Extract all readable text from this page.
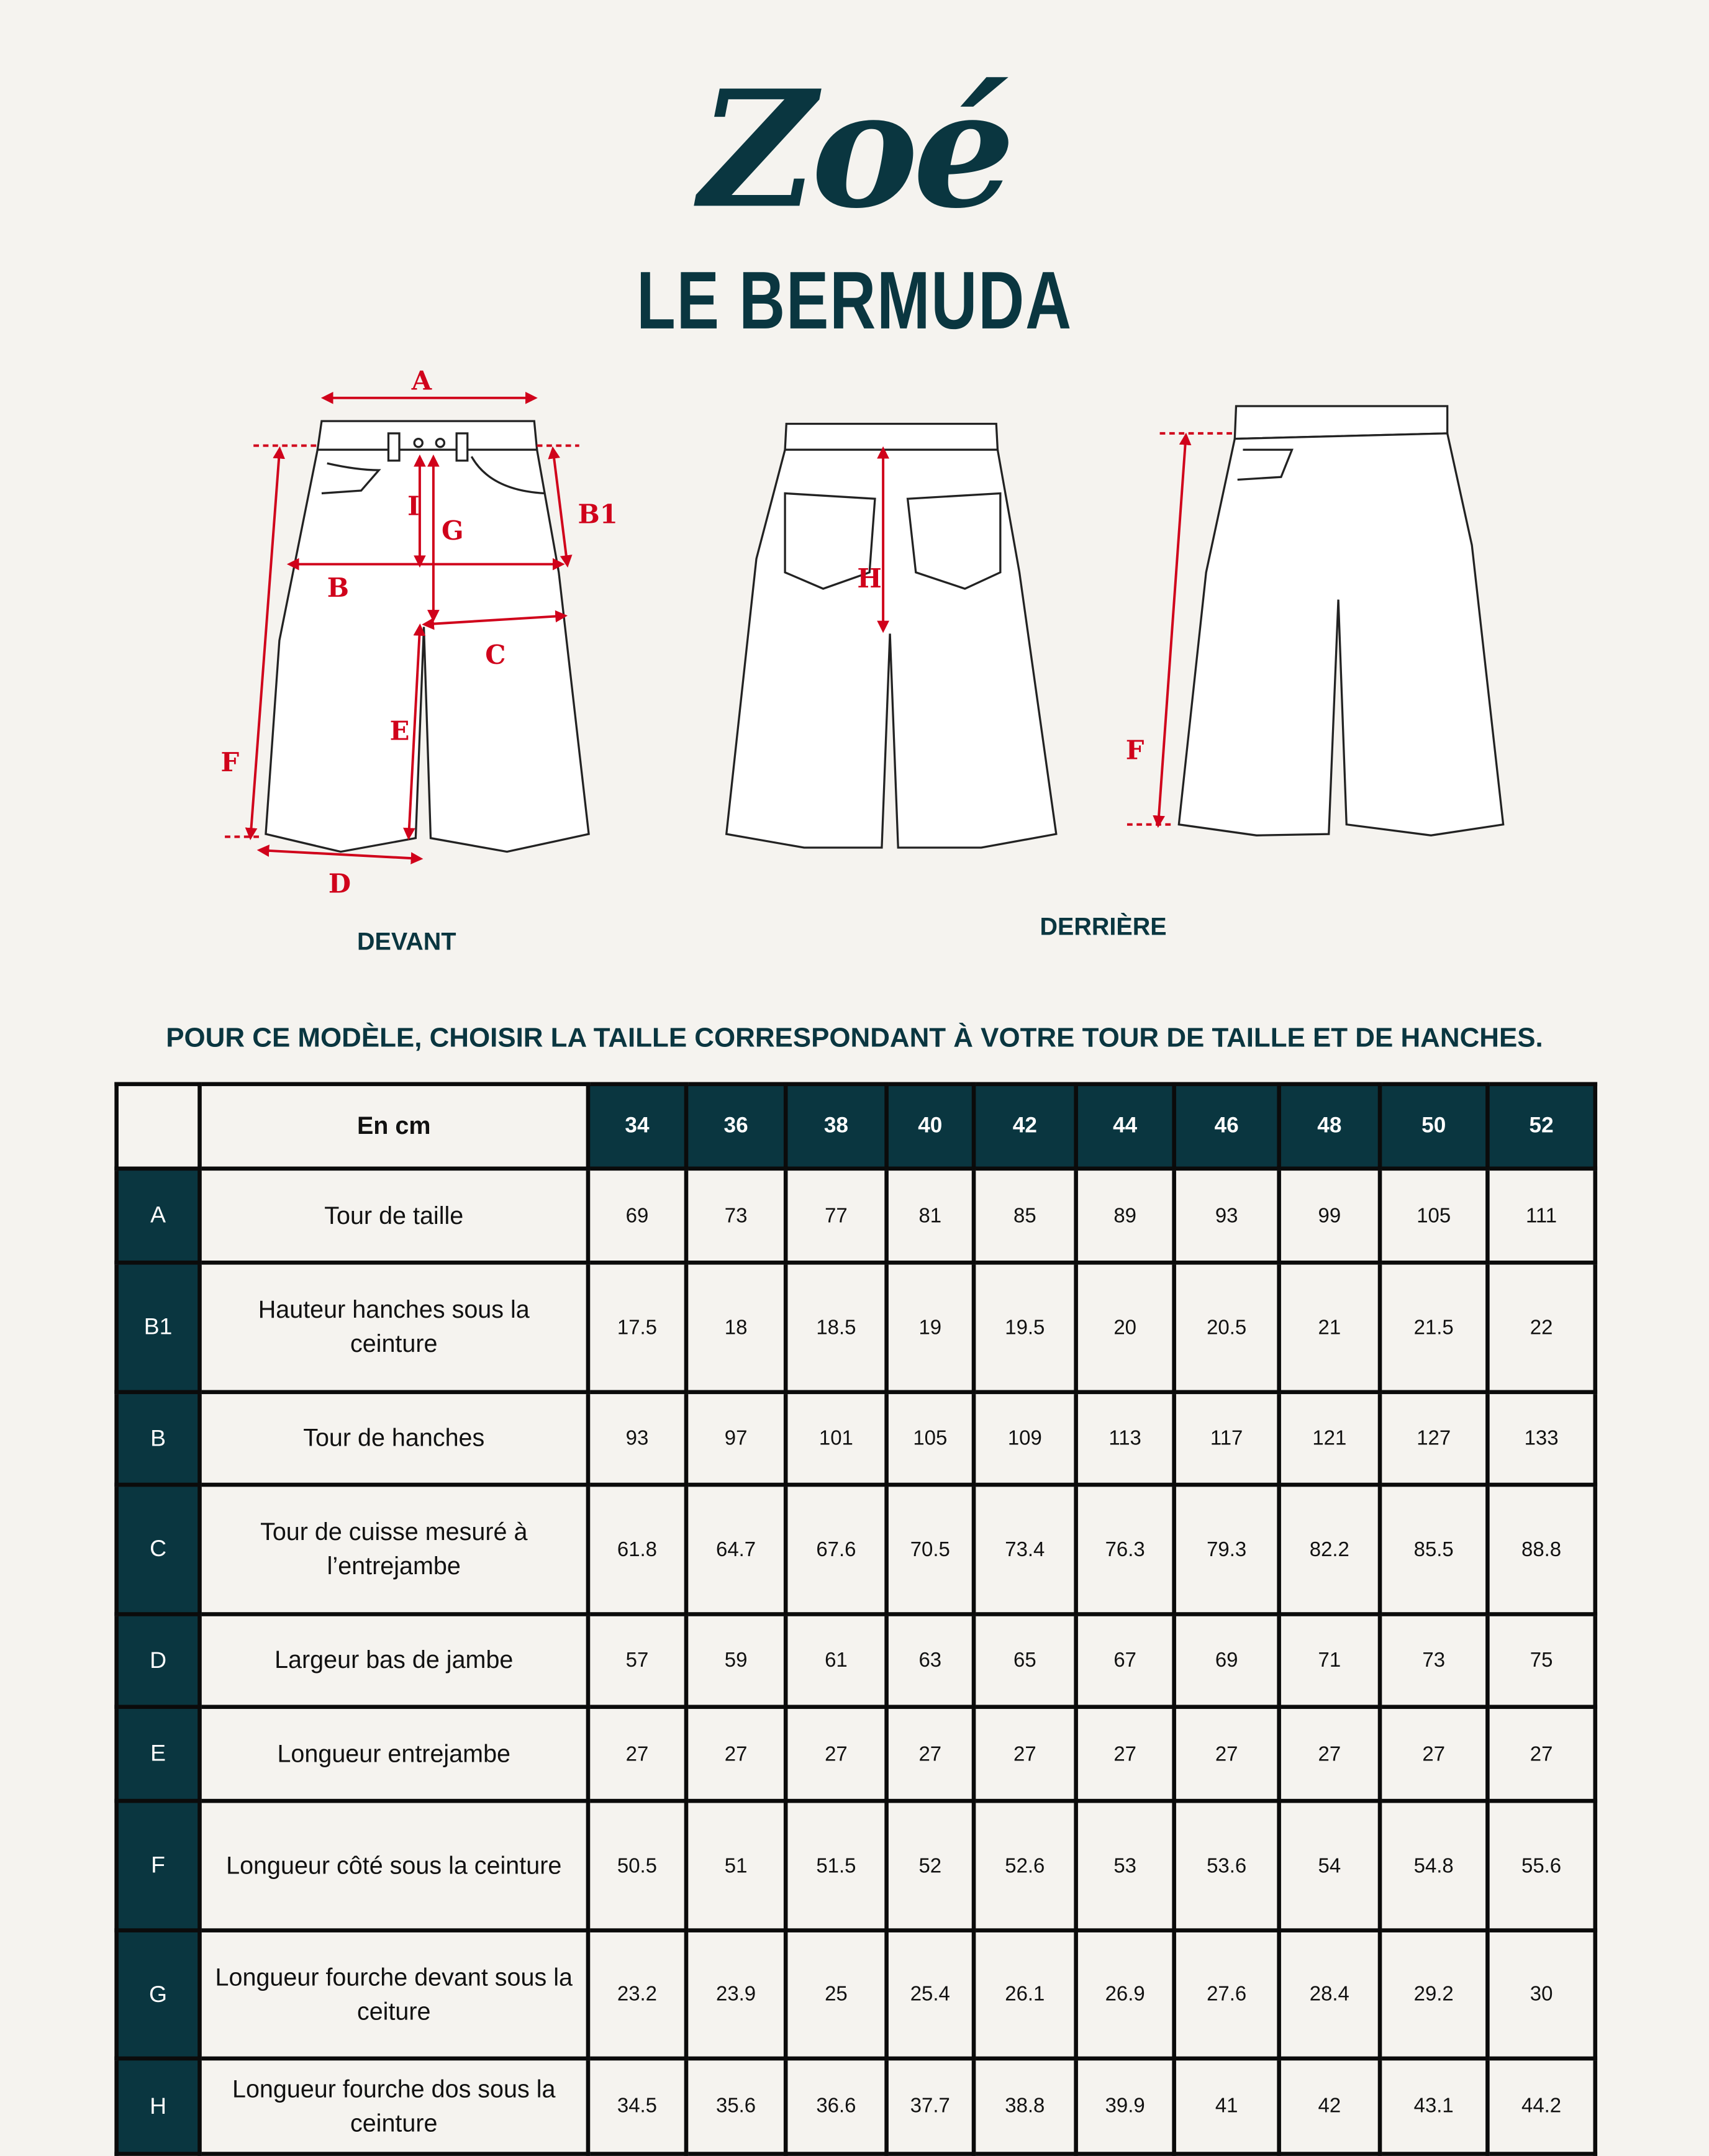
Zoé
LE BERMUDA
A
B1
I
G
B
C
E
F
D
H
F
DEVANT
DERRIÈRE
POUR CE MODÈLE, CHOISIR LA TAILLE CORRESPONDANT À VOTRE TOUR DE TAILLE ET DE HANCHES.
	En cm	34	36	38	40	42	44	46	48	50	52
A	Tour de taille	69	73	77	81	85	89	93	99	105	111
B1	Hauteur hanches sous la ceinture	17.5	18	18.5	19	19.5	20	20.5	21	21.5	22
B	Tour de hanches	93	97	101	105	109	113	117	121	127	133
C	Tour de cuisse mesuré à l’entrejambe	61.8	64.7	67.6	70.5	73.4	76.3	79.3	82.2	85.5	88.8
D	Largeur bas de jambe	57	59	61	63	65	67	69	71	73	75
E	Longueur entrejambe	27	27	27	27	27	27	27	27	27	27
F	Longueur côté sous la ceinture	50.5	51	51.5	52	52.6	53	53.6	54	54.8	55.6
G	Longueur fourche devant sous la ceiture	23.2	23.9	25	25.4	26.1	26.9	27.6	28.4	29.2	30
H	Longueur fourche dos sous la ceinture	34.5	35.6	36.6	37.7	38.8	39.9	41	42	43.1	44.2
